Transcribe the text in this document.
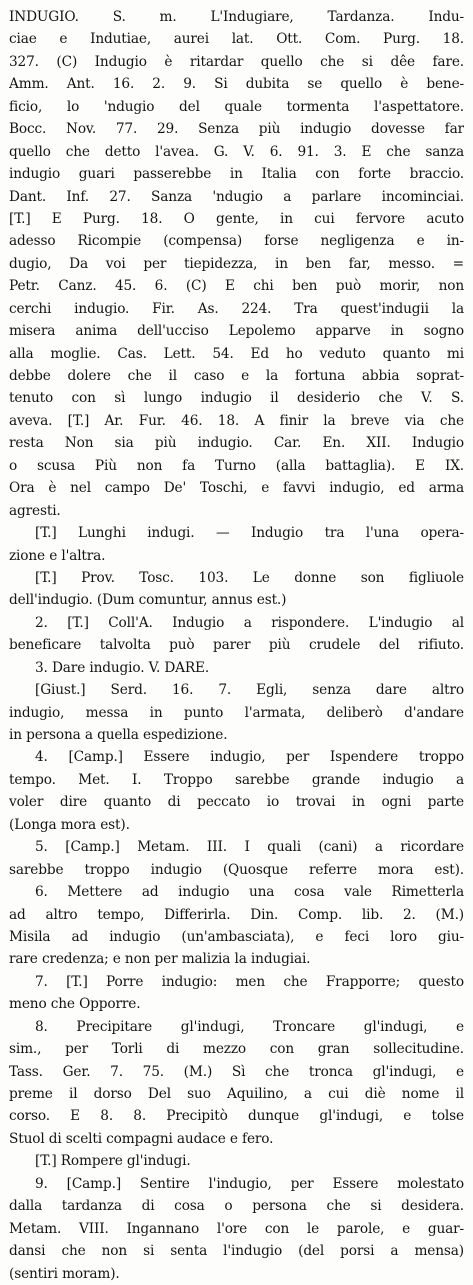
INDUGIO. S. m. L'Indugiare, Tardanza. Indu-
ciae e Indutiae, aurei lat. Ott. Com. Purg. 18.
327. (C) Indugio è ritardar quello che si dêe fare.
Amm. Ant. 16. 2. 9. Si dubita se quello è bene-
ficio, lo 'ndugio del quale tormenta l'aspettatore.
Bocc. Nov. 77. 29. Senza più indugio dovesse far
quello che detto l'avea. G. V. 6. 91. 3. E che sanza
indugio guari passerebbe in Italia con forte braccio.
Dant. Inf. 27. Sanza 'ndugio a parlare incominciai.
[T.] E Purg. 18. O gente, in cui fervore acuto
adesso Ricompie (compensa) forse negligenza e in-
dugio, Da voi per tiepidezza, in ben far, messo. =
Petr. Canz. 45. 6. (C) E chi ben può morir, non
cerchi indugio. Fir. As. 224. Tra quest'indugii la
misera anima dell'ucciso Lepolemo apparve in sogno
alla moglie. Cas. Lett. 54. Ed ho veduto quanto mi
debbe dolere che il caso e la fortuna abbia soprat-
tenuto con sì lungo indugio il desiderio che V. S.
aveva. [T.] Ar. Fur. 46. 18. A finir la breve via che
resta Non sia più indugio. Car. En. XII. Indugio
o scusa Più non fa Turno (alla battaglia). E IX.
Ora è nel campo De' Toschi, e favvi indugio, ed arma
agresti.
[T.] Lunghi indugi. — Indugio tra l'una opera-
zione e l'altra.
[T.] Prov. Tosc. 103. Le donne son figliuole
dell'indugio. (Dum comuntur, annus est.)
2. [T.] Coll'A. Indugio a rispondere. L'indugio al
beneficare talvolta può parer più crudele del rifiuto.
3. Dare indugio. V. DARE.
[Giust.] Serd. 16. 7. Egli, senza dare altro
indugio, messa in punto l'armata, deliberò d'andare
in persona a quella espedizione.
4. [Camp.] Essere indugio, per Ispendere troppo
tempo. Met. I. Troppo sarebbe grande indugio a
voler dire quanto di peccato io trovai in ogni parte
(Longa mora est).
5. [Camp.] Metam. III. I quali (cani) a ricordare
sarebbe troppo indugio (Quosque referre mora est).
6. Mettere ad indugio una cosa vale Rimetterla
ad altro tempo, Differirla. Din. Comp. lib. 2. (M.)
Misila ad indugio (un'ambasciata), e feci loro giu-
rare credenza; e non per malizia la indugiai.
7. [T.] Porre indugio: men che Frapporre; questo
meno che Opporre.
8. Precipitare gl'indugi, Troncare gl'indugi, e
sim., per Torli di mezzo con gran sollecitudine.
Tass. Ger. 7. 75. (M.) Sì che tronca gl'indugi, e
preme il dorso Del suo Aquilino, a cui diè nome il
corso. E 8. 8. Precipitò dunque gl'indugi, e tolse
Stuol di scelti compagni audace e fero.
[T.] Rompere gl'indugi.
9. [Camp.] Sentire l'indugio, per Essere molestato
dalla tardanza di cosa o persona che si desidera.
Metam. VIII. Ingannano l'ore con le parole, e guar-
dansi che non si senta l'indugio (del porsi a mensa)
(sentiri moram).
